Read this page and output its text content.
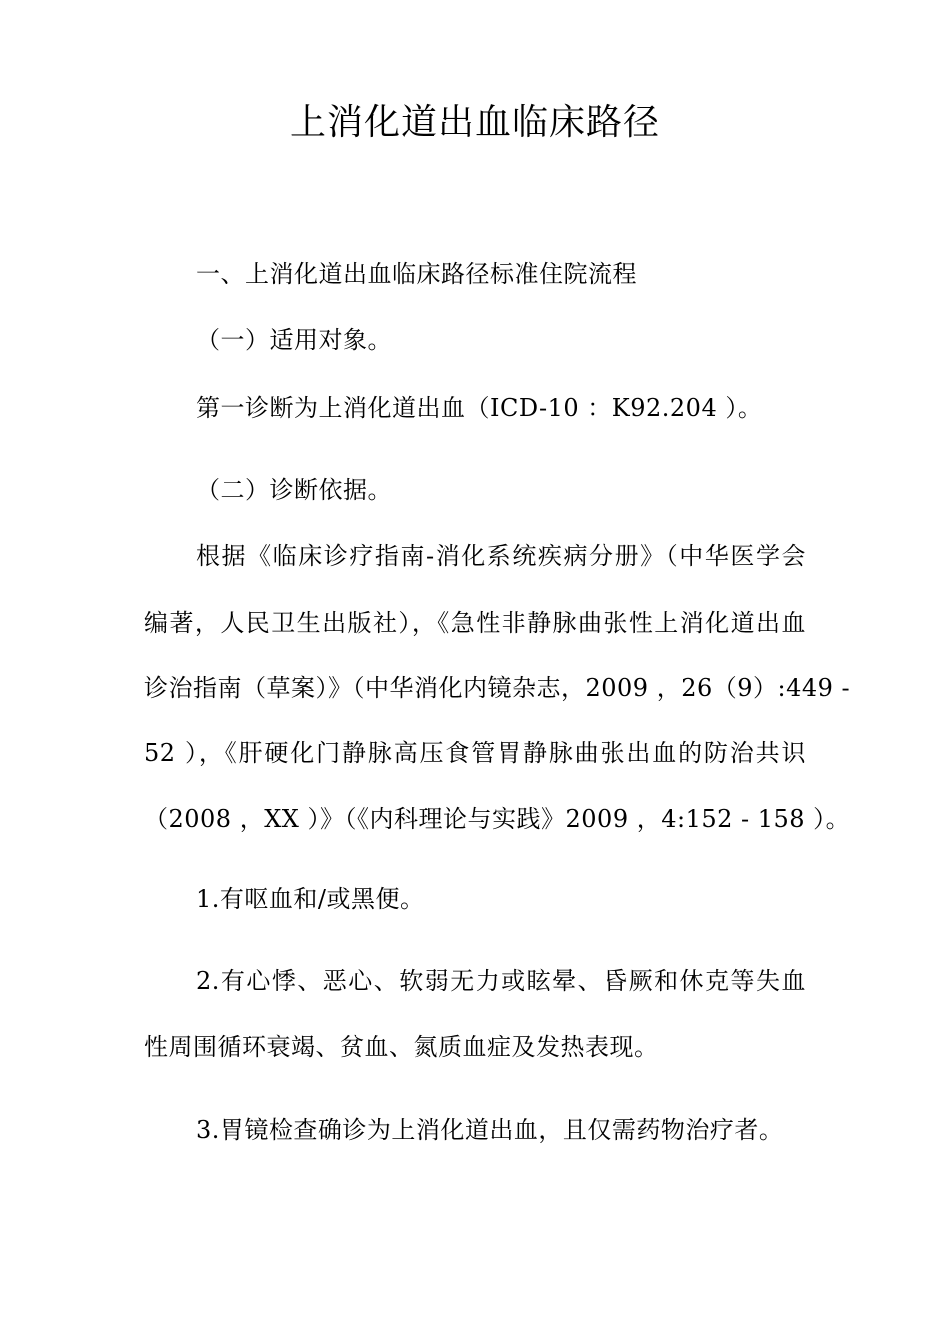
上消化道出血临床路径
一、上消化道出血临床路径标准住院流程
（一）适用对象。
第一诊断为上消化道出血（ICD-10 ：K92.204 ）。
（二）诊断依据。
根据《临床诊疗指南-消化系统疾病分册》（中华医学会
编著，人民卫生出版社），《急性非静脉曲张性上消化道出血
诊治指南（草案）》（中华消化内镜杂志，2009 ，26（9）:449 -
52 ），《肝硬化门静脉高压食管胃静脉曲张出血的防治共识
（2008 ，XX ）》（《内科理论与实践》2009 ，4:152 - 158 ）。
1.有呕血和/或黑便。
2.有心悸、恶心、软弱无力或眩晕、昏厥和休克等失血
性周围循环衰竭、贫血、氮质血症及发热表现。
3.胃镜检查确诊为上消化道出血，且仅需药物治疗者。
